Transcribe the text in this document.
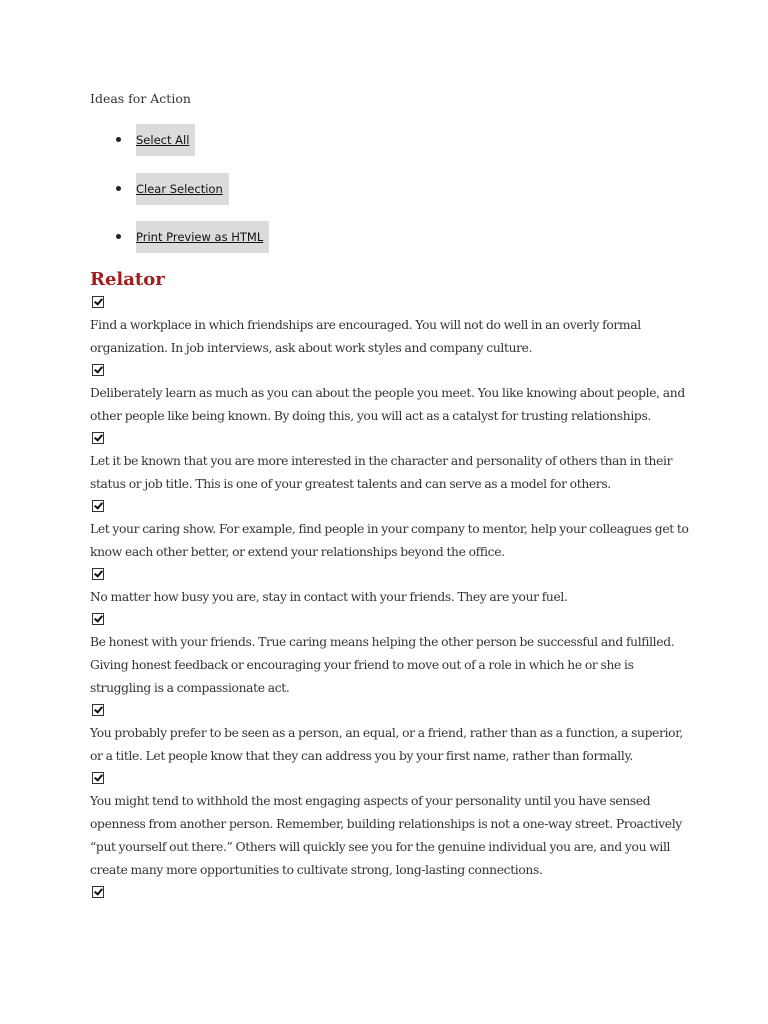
Ideas for Action

Select All
Clear Selection
Print Preview as HTML
Relator

Find a workplace in which friendships are encouraged. You will not do well in an overly formal organization. In job interviews, ask about work styles and company culture.

Deliberately learn as much as you can about the people you meet. You like knowing about people, and other people like being known. By doing this, you will act as a catalyst for trusting relationships.

Let it be known that you are more interested in the character and personality of others than in their status or job title. This is one of your greatest talents and can serve as a model for others.

Let your caring show. For example, find people in your company to mentor, help your colleagues get to know each other better, or extend your relationships beyond the office.

No matter how busy you are, stay in contact with your friends. They are your fuel.

Be honest with your friends. True caring means helping the other person be successful and fulfilled. Giving honest feedback or encouraging your friend to move out of a role in which he or she is struggling is a compassionate act.

You probably prefer to be seen as a person, an equal, or a friend, rather than as a function, a superior, or a title. Let people know that they can address you by your first name, rather than formally.

You might tend to withhold the most engaging aspects of your personality until you have sensed openness from another person. Remember, building relationships is not a one-way street. Proactively “put yourself out there.” Others will quickly see you for the genuine individual you are, and you will create many more opportunities to cultivate strong, long-lasting connections.
